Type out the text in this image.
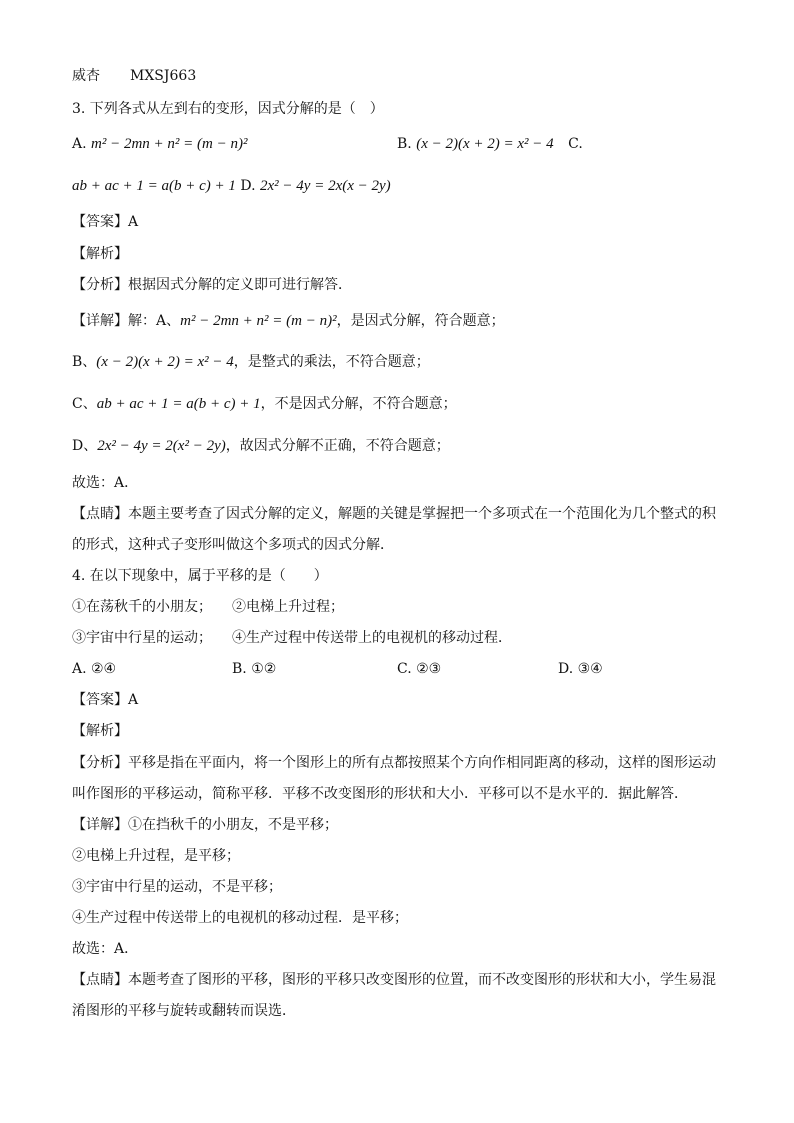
威杏 MXSJ663
3. 下列各式从左到右的变形，因式分解的是（　）
A. m² − 2mn + n² = (m − n)²	B. (x − 2)(x + 2) = x² − 4 C.
ab + ac + 1 = a(b + c) + 1 D. 2x² − 4y = 2x(x − 2y)
【答案】A
【解析】
【分析】根据因式分解的定义即可进行解答．
【详解】解：A、m² − 2mn + n² = (m − n)²，是因式分解，符合题意；
B、(x − 2)(x + 2) = x² − 4，是整式的乘法，不符合题意；
C、ab + ac + 1 = a(b + c) + 1，不是因式分解，不符合题意；
D、2x² − 4y = 2(x² − 2y)，故因式分解不正确，不符合题意；
故选：A．
【点睛】本题主要考查了因式分解的定义，解题的关键是掌握把一个多项式在一个范围化为几个整式的积
的形式，这种式子变形叫做这个多项式的因式分解．
4. 在以下现象中，属于平移的是（　　）
①在荡秋千的小朋友； ②电梯上升过程；
③宇宙中行星的运动； ④生产过程中传送带上的电视机的移动过程．
A. ②④	B. ①②	C. ②③	D. ③④
【答案】A
【解析】
【分析】平移是指在平面内，将一个图形上的所有点都按照某个方向作相同距离的移动，这样的图形运动
叫作图形的平移运动，简称平移．平移不改变图形的形状和大小．平移可以不是水平的．据此解答．
【详解】①在挡秋千的小朋友，不是平移；
②电梯上升过程，是平移；
③宇宙中行星的运动，不是平移；
④生产过程中传送带上的电视机的移动过程．是平移；
故选：A．
【点睛】本题考查了图形的平移，图形的平移只改变图形的位置，而不改变图形的形状和大小，学生易混
淆图形的平移与旋转或翻转而误选．
